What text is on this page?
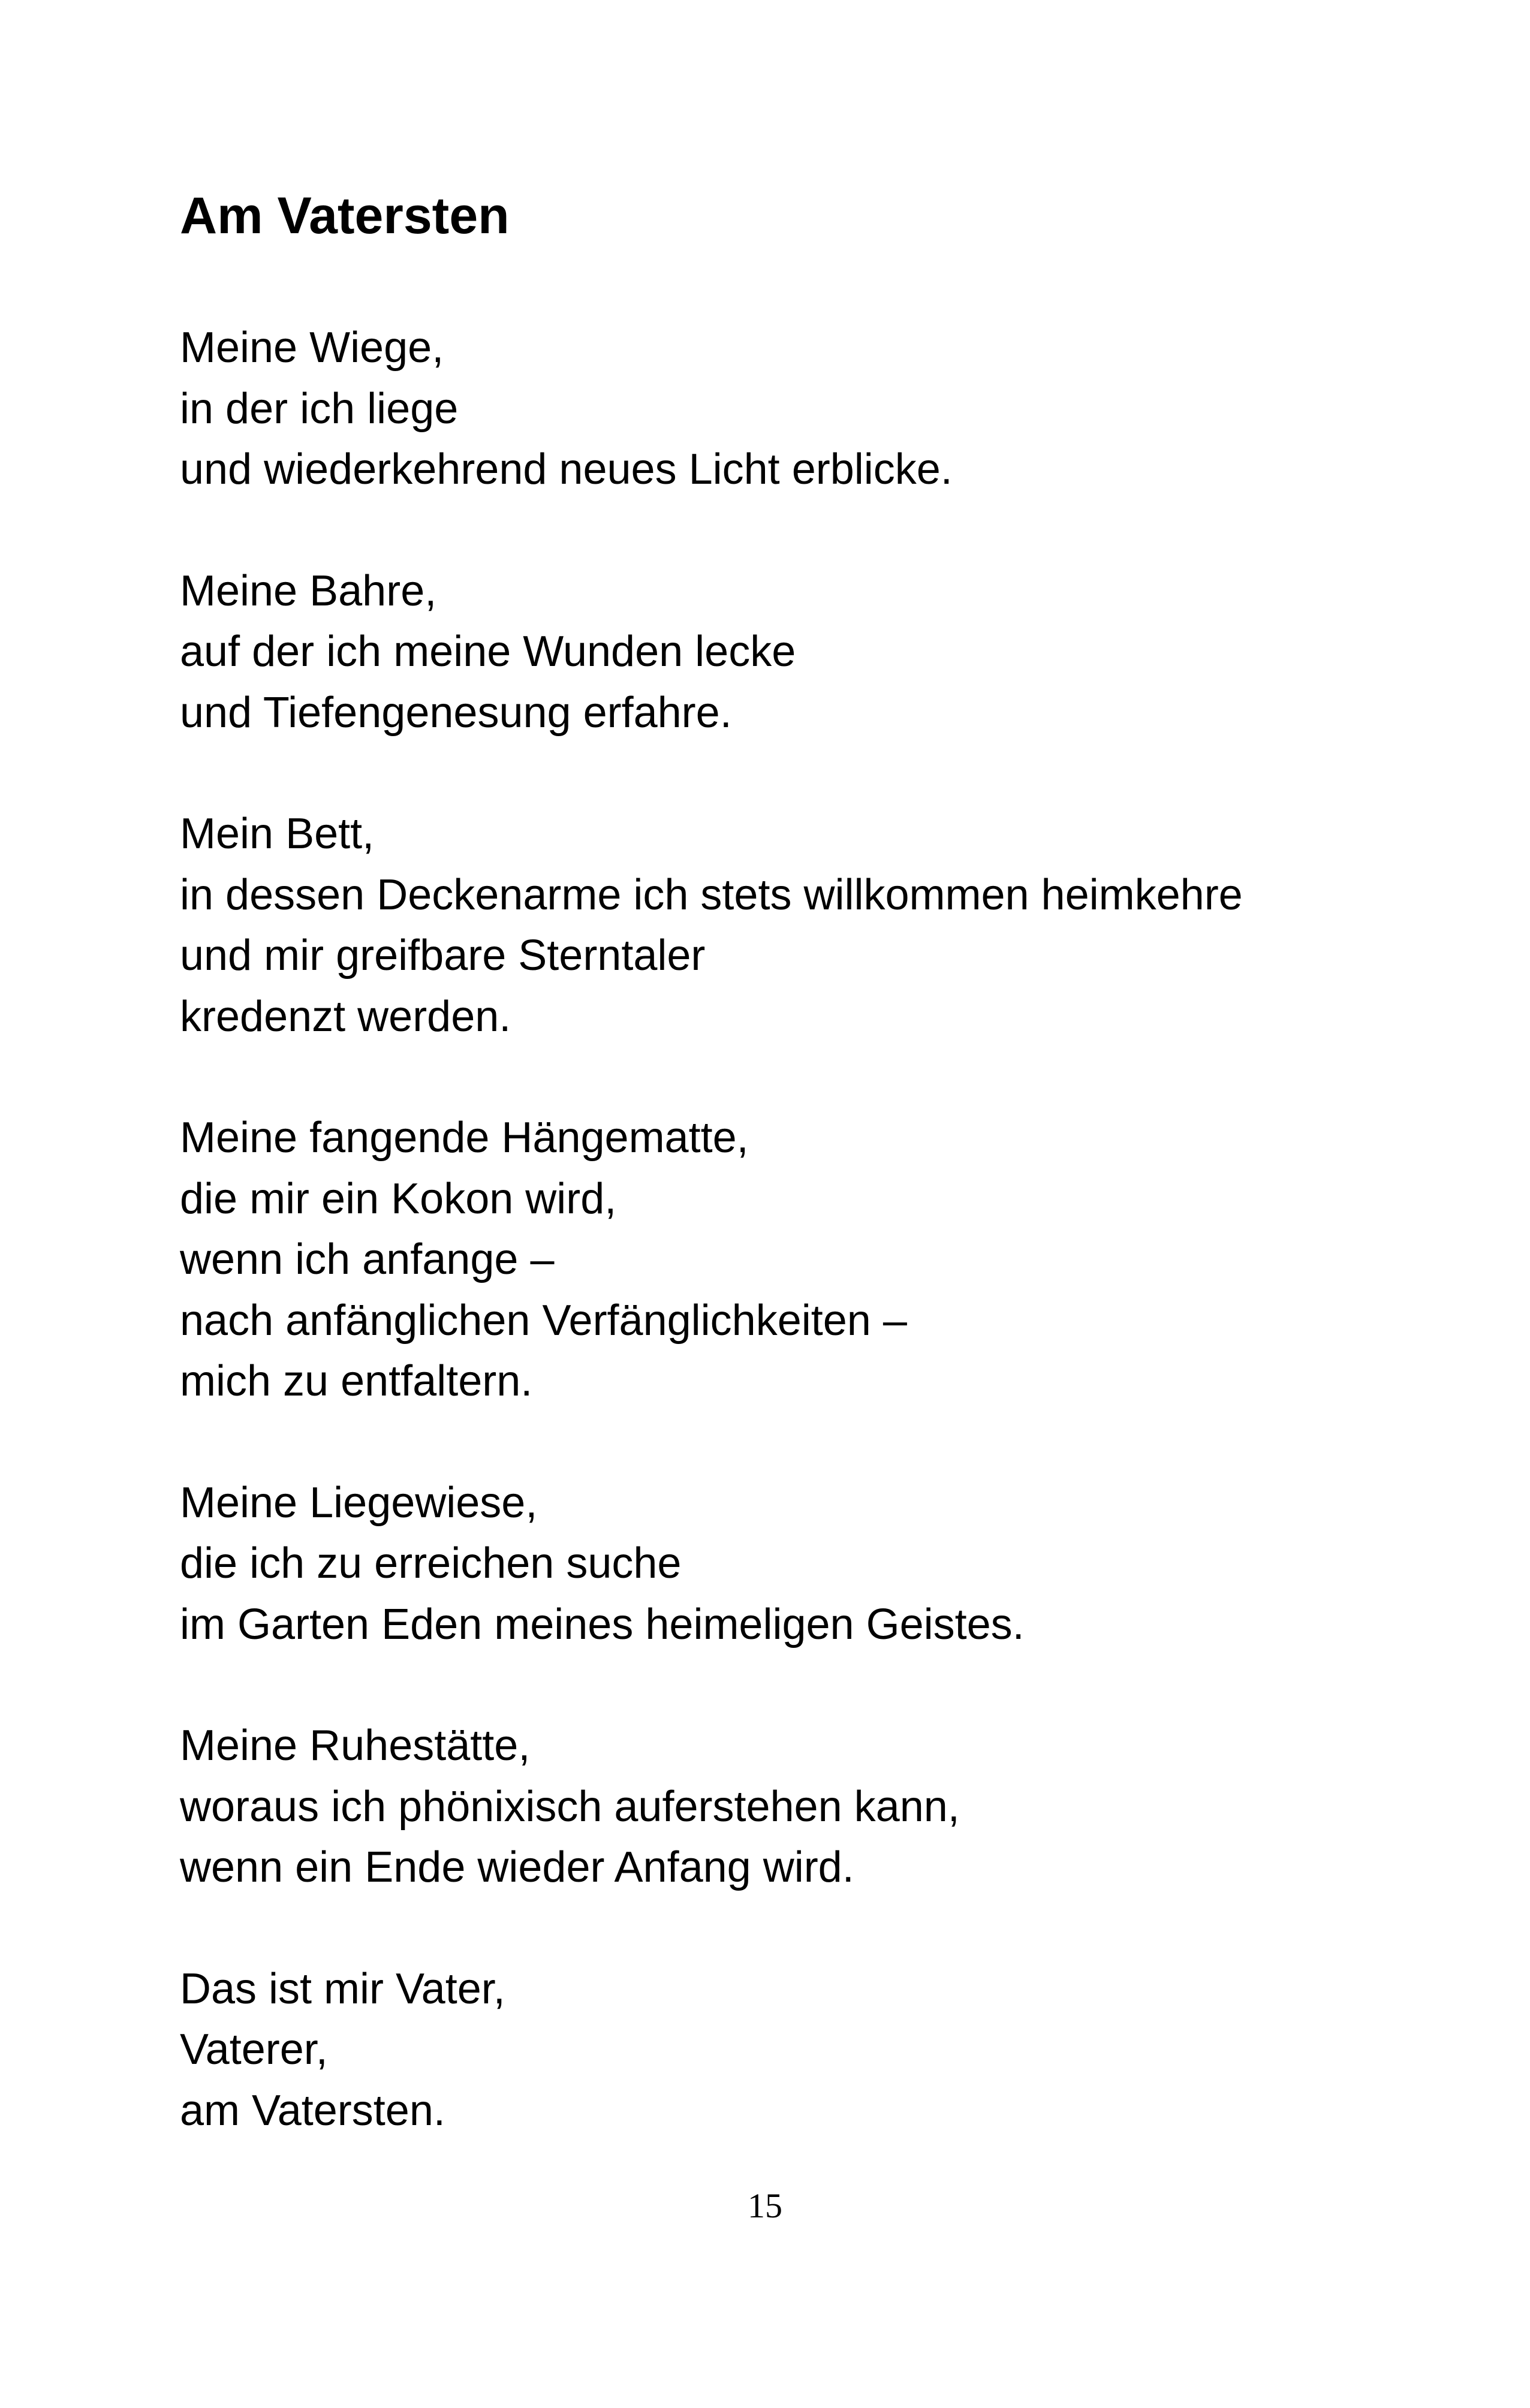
Am Vatersten
Meine Wiege,
in der ich liege
und wiederkehrend neues Licht erblicke.
Meine Bahre,
auf der ich meine Wunden lecke
und Tiefengenesung erfahre.
Mein Bett,
in dessen Deckenarme ich stets willkommen heimkehre
und mir greifbare Sterntaler
kredenzt werden.
Meine fangende Hängematte,
die mir ein Kokon wird,
wenn ich anfange –
nach anfänglichen Verfänglichkeiten –
mich zu entfaltern.
Meine Liegewiese,
die ich zu erreichen suche
im Garten Eden meines heimeligen Geistes.
Meine Ruhestätte,
woraus ich phönixisch auferstehen kann,
wenn ein Ende wieder Anfang wird.
Das ist mir Vater,
Vaterer,
am Vatersten.
15
